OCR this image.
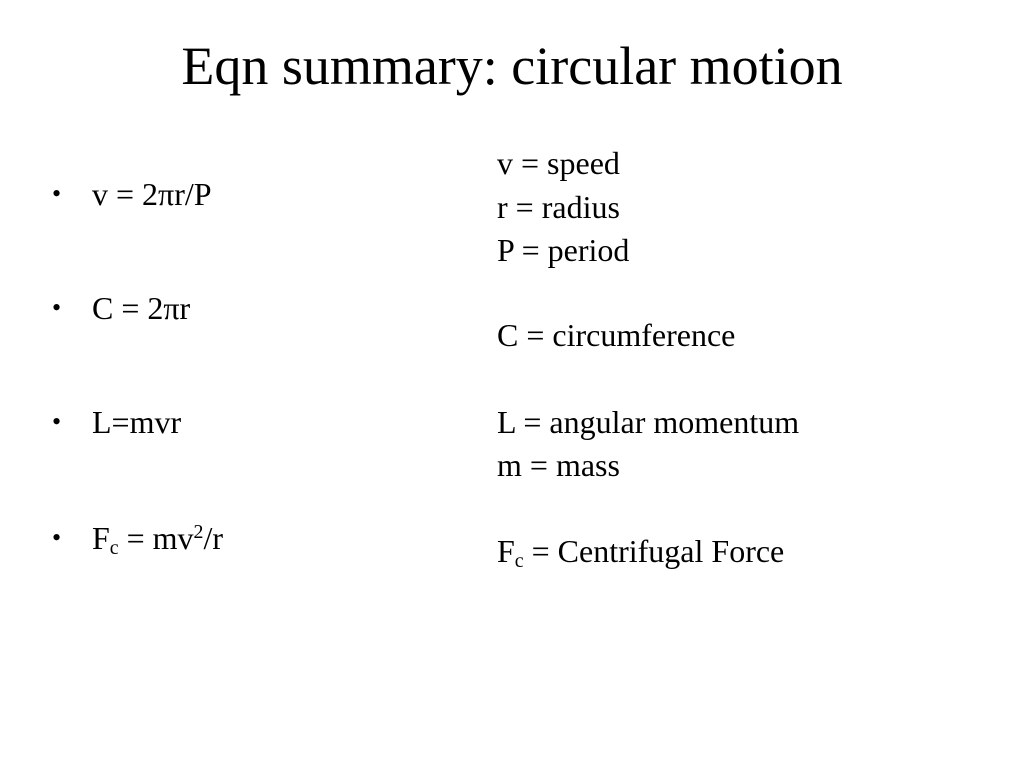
Eqn summary: circular motion
• v = 2πr/P
• C = 2πr
• L=mvr
• $F_c = mv^2/r$
v = speed
r = radius
P = period
C = circumference
L = angular momentum
m = mass
$F_c$ = Centrifugal Force
